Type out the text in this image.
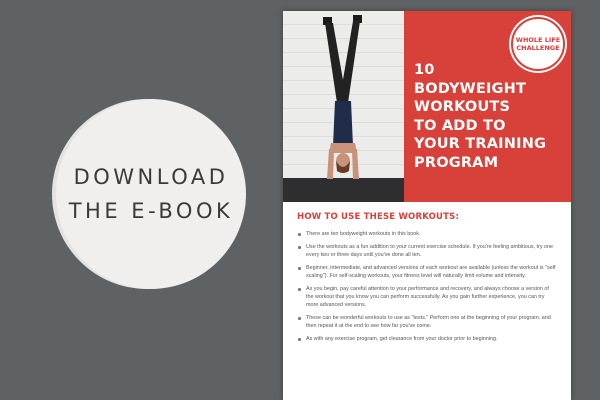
DOWNLOAD
THE E-BOOK
WHOLE LIFE
CHALLENGE
10
BODYWEIGHT
WORKOUTS
TO ADD TO
YOUR TRAINING
PROGRAM
HOW TO USE THESE WORKOUTS:
There are ten bodyweight workouts in this book.
Use the workouts as a fun addition to your current exercise schedule. If you're feeling ambitious, try one every two or three days until you've done all ten.
Beginner, intermediate, and advanced versions of each workout are available (unless the workout is "self scaling"). For self-scaling workouts, your fitness level will naturally limit volume and intensity.
As you begin, pay careful attention to your performance and recovery, and always choose a version of the workout that you know you can perform successfully. As you gain further experience, you can try more advanced versions.
These can be wonderful workouts to use as "tests." Perform one at the beginning of your program, and then repeat it at the end to see how far you've come.
As with any exercise program, get clearance from your doctor prior to beginning.
